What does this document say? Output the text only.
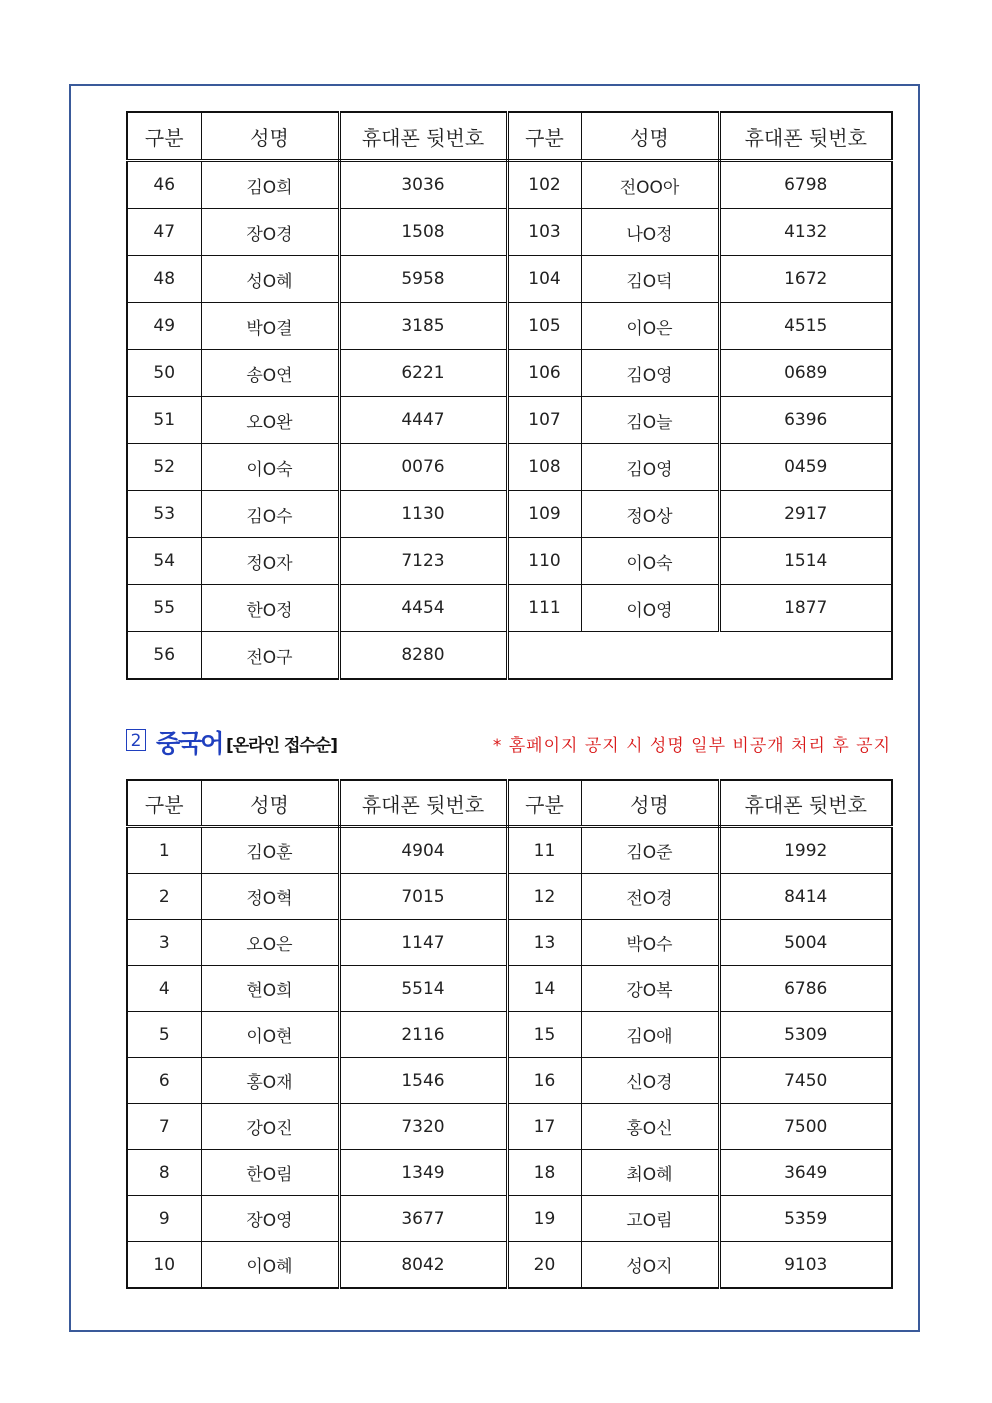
구분	성명	휴대폰 뒷번호	구분	성명	휴대폰 뒷번호
46	김O희	3036	102	전OO아	6798
47	장O경	1508	103	나O정	4132
48	성O혜	5958	104	김O덕	1672
49	박O결	3185	105	이O은	4515
50	송O연	6221	106	김O영	0689
51	오O완	4447	107	김O늘	6396
52	이O숙	0076	108	김O영	0459
53	김O수	1130	109	정O상	2917
54	정O자	7123	110	이O숙	1514
55	한O정	4454	111	이O영	1877
56	전O구	8280			
2 중국어 [온라인 접수순]	* 홈페이지 공지 시 성명 일부 비공개 처리 후 공지
구분	성명	휴대폰 뒷번호	구분	성명	휴대폰 뒷번호
1	김O훈	4904	11	김O준	1992
2	정O혁	7015	12	전O경	8414
3	오O은	1147	13	박O수	5004
4	현O희	5514	14	강O복	6786
5	이O현	2116	15	김O애	5309
6	홍O재	1546	16	신O경	7450
7	강O진	7320	17	홍O신	7500
8	한O림	1349	18	최O혜	3649
9	장O영	3677	19	고O림	5359
10	이O혜	8042	20	성O지	9103
